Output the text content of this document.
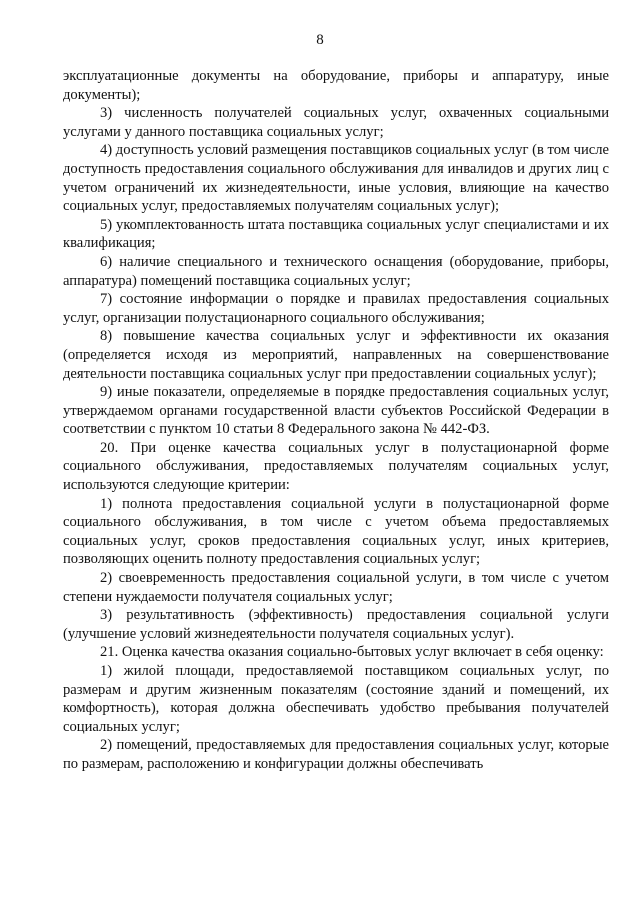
8

эксплуатационные документы на оборудование, приборы и аппаратуру, иные документы);

3) численность получателей социальных услуг, охваченных социальными услугами у данного поставщика социальных услуг;

4) доступность условий размещения поставщиков социальных услуг (в том числе доступность предоставления социального обслуживания для инвалидов и других лиц с учетом ограничений их жизнедеятельности, иные условия, влияющие на качество социальных услуг, предоставляемых получателям социальных услуг);

5) укомплектованность штата поставщика социальных услуг специалистами и их квалификация;

6) наличие специального и технического оснащения (оборудование, приборы, аппаратура) помещений поставщика социальных услуг;

7) состояние информации о порядке и правилах предоставления социальных услуг, организации полустационарного социального обслуживания;

8) повышение качества социальных услуг и эффективности их оказания (определяется исходя из мероприятий, направленных на совершенствование деятельности поставщика социальных услуг при предоставлении социальных услуг);

9) иные показатели, определяемые в порядке предоставления социальных услуг, утверждаемом органами государственной власти субъектов Российской Федерации в соответствии с пунктом 10 статьи 8 Федерального закона № 442-ФЗ.

20. При оценке качества социальных услуг в полустационарной форме социального обслуживания, предоставляемых получателям социальных услуг, используются следующие критерии:

1) полнота предоставления социальной услуги в полустационарной форме социального обслуживания, в том числе с учетом объема предоставляемых социальных услуг, сроков предоставления социальных услуг, иных критериев, позволяющих оценить полноту предоставления социальных услуг;

2) своевременность предоставления социальной услуги, в том числе с учетом степени нуждаемости получателя социальных услуг;

3) результативность (эффективность) предоставления социальной услуги (улучшение условий жизнедеятельности получателя социальных услуг).

21. Оценка качества оказания социально-бытовых услуг включает в себя оценку:

1) жилой площади, предоставляемой поставщиком социальных услуг, по размерам и другим жизненным показателям (состояние зданий и помещений, их комфортность), которая должна обеспечивать удобство пребывания получателей социальных услуг;

2) помещений, предоставляемых для предоставления социальных услуг, которые по размерам, расположению и конфигурации должны обеспечивать
